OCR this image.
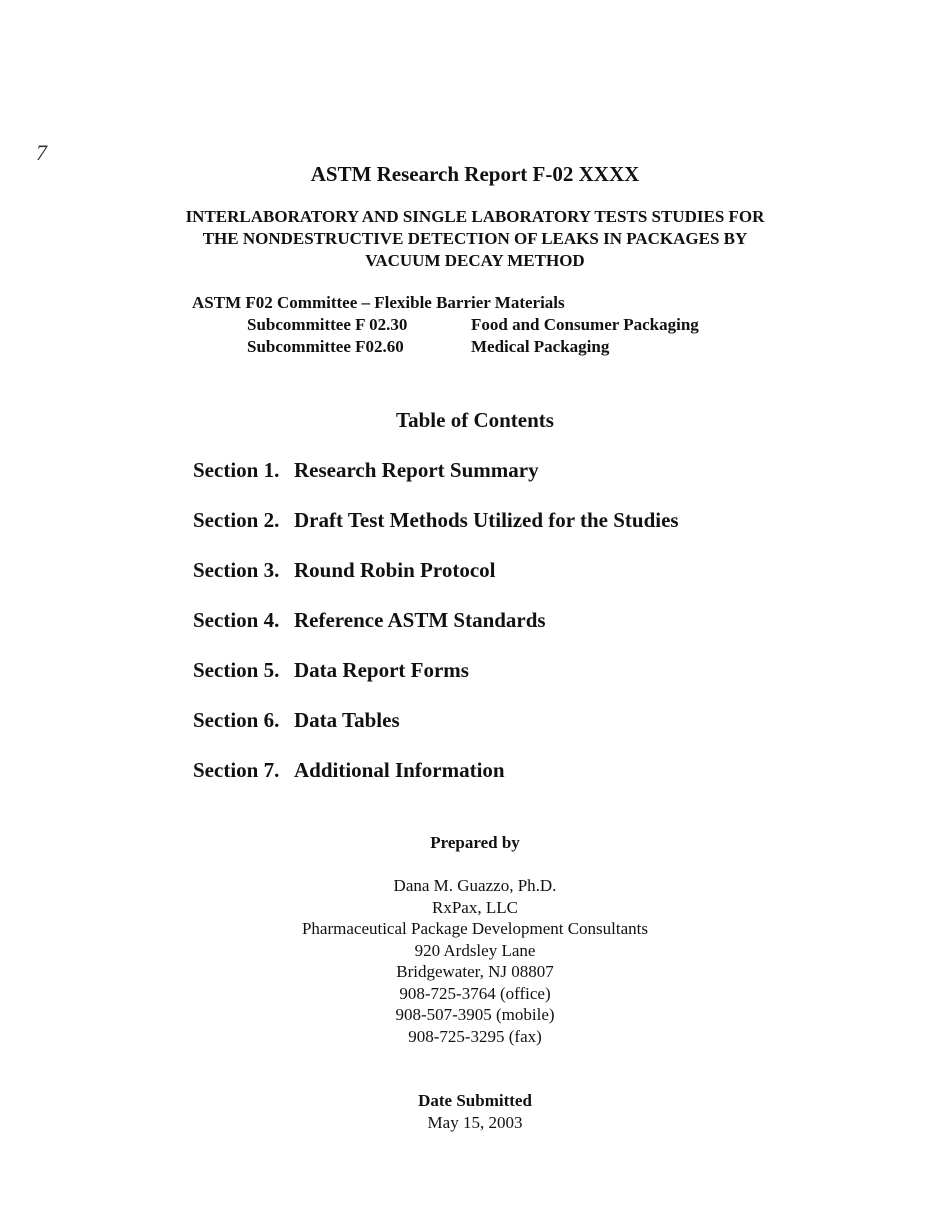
7
ASTM Research Report F-02 XXXX
INTERLABORATORY AND SINGLE LABORATORY TESTS STUDIES FOR
THE NONDESTRUCTIVE DETECTION OF LEAKS IN PACKAGES BY
VACUUM DECAY METHOD
ASTM F02 Committee – Flexible Barrier Materials
Subcommittee F 02.30	Food and Consumer Packaging
Subcommittee F02.60	Medical Packaging
Table of Contents
Section 1. Research Report Summary
Section 2. Draft Test Methods Utilized for the Studies
Section 3. Round Robin Protocol
Section 4. Reference ASTM Standards
Section 5. Data Report Forms
Section 6. Data Tables
Section 7. Additional Information
Prepared by
Dana M. Guazzo, Ph.D.
RxPax, LLC
Pharmaceutical Package Development Consultants
920 Ardsley Lane
Bridgewater, NJ 08807
908-725-3764 (office)
908-507-3905 (mobile)
908-725-3295 (fax)
Date Submitted
May 15, 2003
